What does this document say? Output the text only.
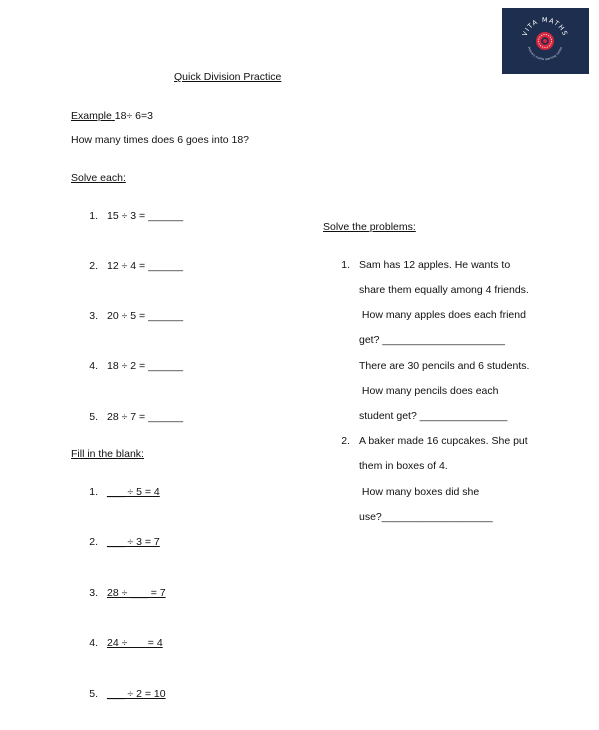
VITA MATHS
Primary maths learning centre
Quick Division Practice
Example 18÷ 6=3
How many times does 6 goes into 18?
Solve each:
1. 15 ÷ 3 = ______
2. 12 ÷ 4 = ______
3. 20 ÷ 5 = ______
4. 18 ÷ 2 = ______
5. 28 ÷ 7 = ______
Fill in the blank:
1. ___ ÷ 5 = 4
2. ___ ÷ 3 = 7
3. 28 ÷ ___ = 7
4. 24 ÷       = 4
5. ___ ÷ 2 = 10
Solve the problems:
1. Sam has 12 apples. He wants to
share them equally among 4 friends.
How many apples does each friend
get? _____________________
There are 30 pencils and 6 students.
How many pencils does each
student get? _______________
2. A baker made 16 cupcakes. She put
them in boxes of 4.
How many boxes did she
use?___________________
